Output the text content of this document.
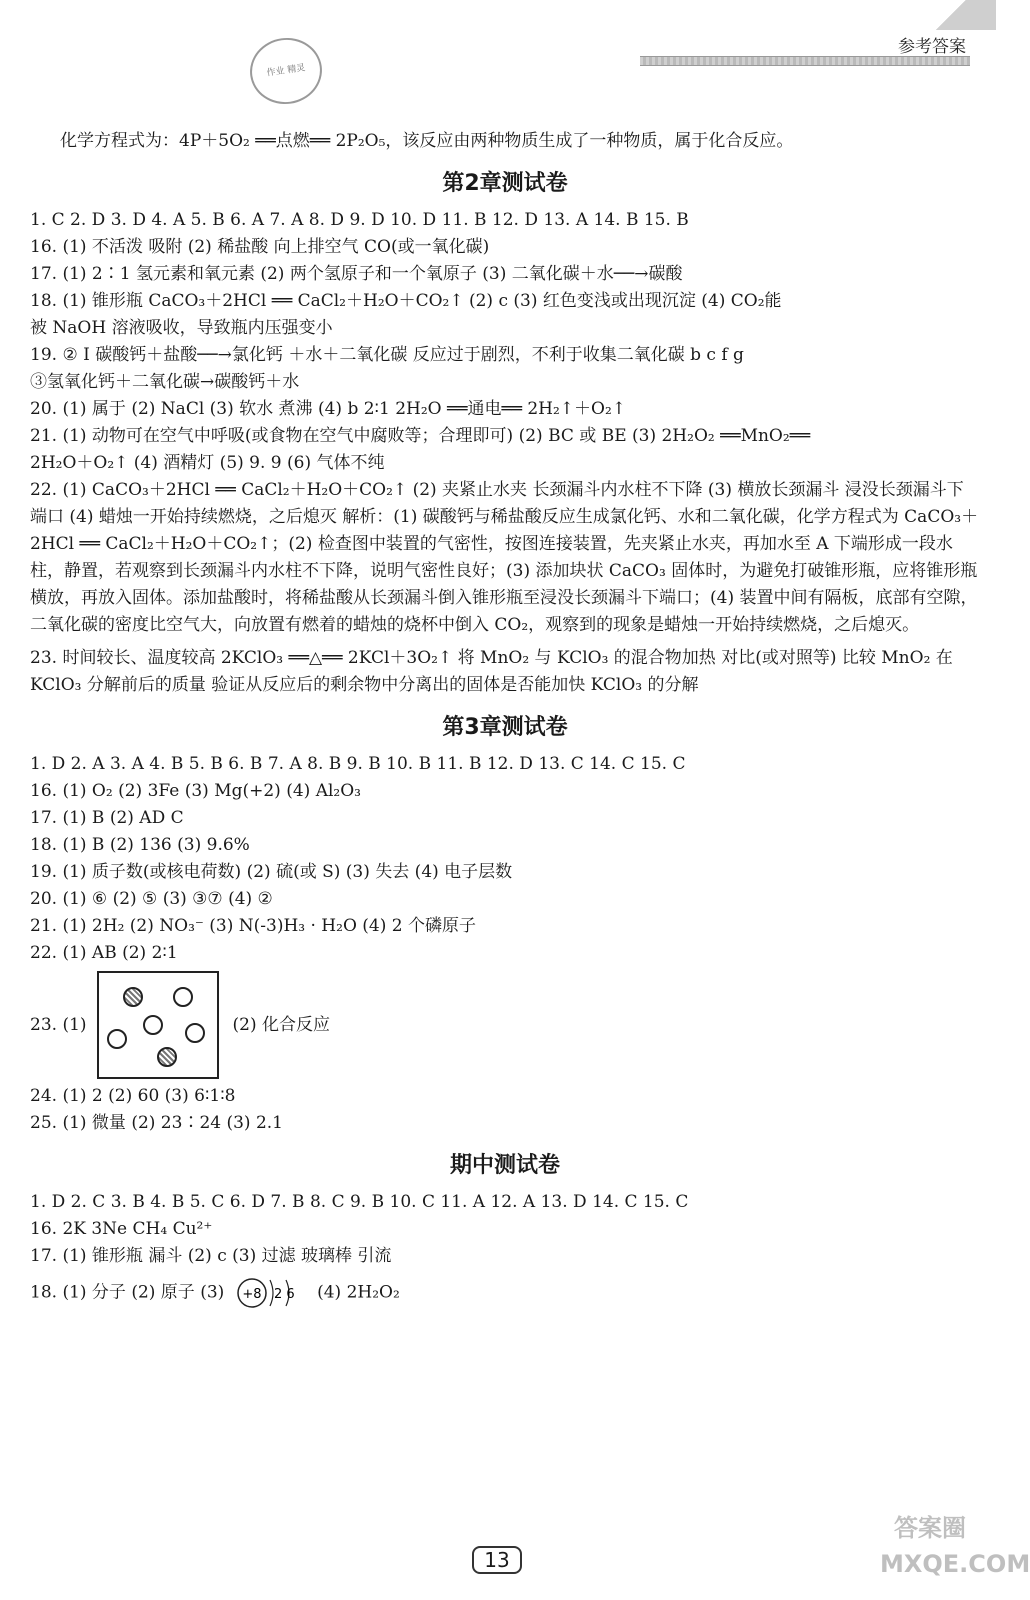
作业 精灵
参考答案
化学方程式为：4P＋5O₂ ══点燃══ 2P₂O₅，该反应由两种物质生成了一种物质，属于化合反应。
第2章测试卷
1. C 2. D 3. D 4. A 5. B 6. A 7. A 8. D 9. D 10. D 11. B 12. D 13. A 14. B 15. B
16. (1) 不活泼 吸附 (2) 稀盐酸 向上排空气 CO(或一氧化碳)
17. (1) 2∶1 氢元素和氧元素 (2) 两个氢原子和一个氧原子 (3) 二氧化碳＋水──→碳酸
18. (1) 锥形瓶 CaCO₃＋2HCl ══ CaCl₂＋H₂O＋CO₂↑ (2) c (3) 红色变浅或出现沉淀 (4) CO₂能
被 NaOH 溶液吸收，导致瓶内压强变小
19. ② Ⅰ 碳酸钙＋盐酸──→氯化钙 ＋水＋二氧化碳 反应过于剧烈，不利于收集二氧化碳 b c f g
③氢氧化钙＋二氧化碳→碳酸钙＋水
20. (1) 属于 (2) NaCl (3) 软水 煮沸 (4) b 2∶1 2H₂O ══通电══ 2H₂↑＋O₂↑
21. (1) 动物可在空气中呼吸(或食物在空气中腐败等；合理即可) (2) BC 或 BE (3) 2H₂O₂ ══MnO₂══
2H₂O＋O₂↑ (4) 酒精灯 (5) 9. 9 (6) 气体不纯
22. (1) CaCO₃＋2HCl ══ CaCl₂＋H₂O＋CO₂↑ (2) 夹紧止水夹 长颈漏斗内水柱不下降 (3) 横放长颈漏斗 浸没长颈漏斗下端口 (4) 蜡烛一开始持续燃烧，之后熄灭 解析：(1) 碳酸钙与稀盐酸反应生成氯化钙、水和二氧化碳，化学方程式为 CaCO₃＋2HCl ══ CaCl₂＋H₂O＋CO₂↑；(2) 检查图中装置的气密性，按图连接装置，先夹紧止水夹，再加水至 A 下端形成一段水柱，静置，若观察到长颈漏斗内水柱不下降，说明气密性良好；(3) 添加块状 CaCO₃ 固体时，为避免打破锥形瓶，应将锥形瓶横放，再放入固体。添加盐酸时，将稀盐酸从长颈漏斗倒入锥形瓶至浸没长颈漏斗下端口；(4) 装置中间有隔板，底部有空隙，二氧化碳的密度比空气大，向放置有燃着的蜡烛的烧杯中倒入 CO₂，观察到的现象是蜡烛一开始持续燃烧，之后熄灭。
23. 时间较长、温度较高 2KClO₃ ══△══ 2KCl＋3O₂↑ 将 MnO₂ 与 KClO₃ 的混合物加热 对比(或对照等) 比较 MnO₂ 在 KClO₃ 分解前后的质量 验证从反应后的剩余物中分离出的固体是否能加快 KClO₃ 的分解
第3章测试卷
1. D 2. A 3. A 4. B 5. B 6. B 7. A 8. B 9. B 10. B 11. B 12. D 13. C 14. C 15. C
16. (1) O₂ (2) 3Fe (3) Mg(+2) (4) Al₂O₃
17. (1) B (2) AD C
18. (1) B (2) 136 (3) 9.6%
19. (1) 质子数(或核电荷数) (2) 硫(或 S) (3) 失去 (4) 电子层数
20. (1) ⑥ (2) ⑤ (3) ③⑦ (4) ②
21. (1) 2H₂ (2) NO₃⁻ (3) N(-3)H₃ · H₂O (4) 2 个磷原子
22. (1) AB (2) 2∶1
23. (1)	(2) 化合反应
24. (1) 2 (2) 60 (3) 6∶1∶8
25. (1) 微量 (2) 23∶24 (3) 2.1
期中测试卷
1. D 2. C 3. B 4. B 5. C 6. D 7. B 8. C 9. B 10. C 11. A 12. A 13. D 14. C 15. C
16. 2K 3Ne CH₄ Cu²⁺
17. (1) 锥形瓶 漏斗 (2) c (3) 过滤 玻璃棒 引流
18. (1) 分子 (2) 原子 (3) +8 2 6 (4) 2H₂O₂
13
答案圈 MXQE.COM
